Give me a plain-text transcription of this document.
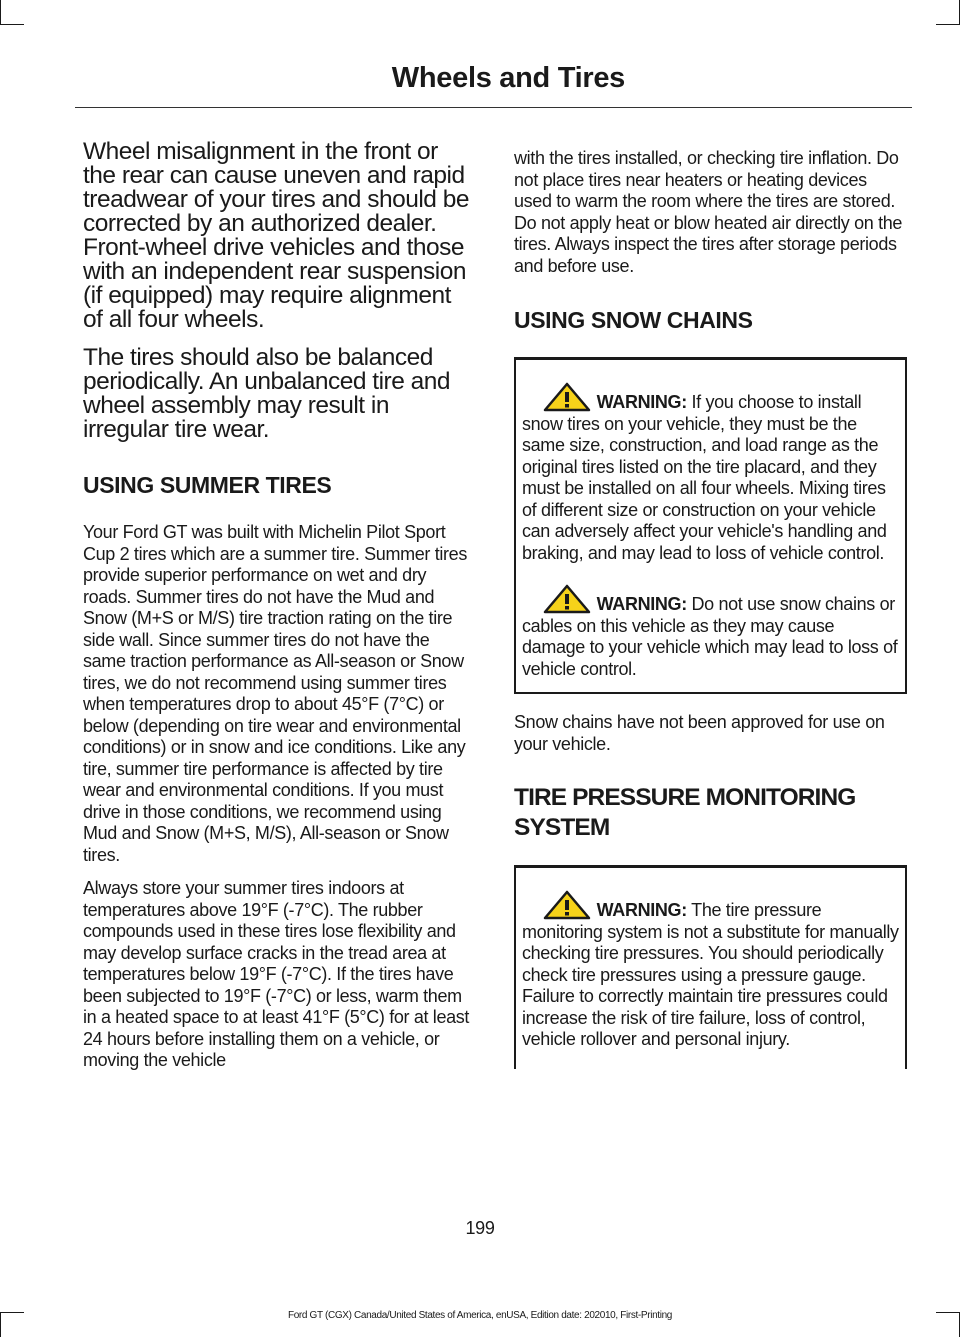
Wheels and Tires

Wheel misalignment in the front or the rear can cause uneven and rapid treadwear of your tires and should be corrected by an authorized dealer. Front-wheel drive vehicles and those with an independent rear suspension (if equipped) may require alignment of all four wheels.

The tires should also be balanced periodically. An unbalanced tire and wheel assembly may result in irregular tire wear.

USING SUMMER TIRES

Your Ford GT was built with Michelin Pilot Sport Cup 2 tires which are a summer tire. Summer tires provide superior performance on wet and dry roads. Summer tires do not have the Mud and Snow (M+S or M/S) tire traction rating on the tire side wall. Since summer tires do not have the same traction performance as All-season or Snow tires, we do not recommend using summer tires when temperatures drop to about 45°F (7°C) or below (depending on tire wear and environmental conditions) or in snow and ice conditions. Like any tire, summer tire performance is affected by tire wear and environmental conditions. If you must drive in those conditions, we recommend using Mud and Snow (M+S, M/S), All-season or Snow tires.

Always store your summer tires indoors at temperatures above 19°F (-7°C). The rubber compounds used in these tires lose flexibility and may develop surface cracks in the tread area at temperatures below 19°F (-7°C). If the tires have been subjected to 19°F (-7°C) or less, warm them in a heated space to at least 41°F (5°C) for at least 24 hours before installing them on a vehicle, or moving the vehicle

with the tires installed, or checking tire inflation. Do not place tires near heaters or heating devices used to warm the room where the tires are stored. Do not apply heat or blow heated air directly on the tires. Always inspect the tires after storage periods and before use.

USING SNOW CHAINS
WARNING: If you choose to install snow tires on your vehicle, they must be the same size, construction, and load range as the original tires listed on the tire placard, and they must be installed on all four wheels. Mixing tires of different size or construction on your vehicle can adversely affect your vehicle's handling and braking, and may lead to loss of vehicle control.
WARNING: Do not use snow chains or cables on this vehicle as they may cause damage to your vehicle which may lead to loss of vehicle control.

Snow chains have not been approved for use on your vehicle.

TIRE PRESSURE MONITORING
SYSTEM
WARNING: The tire pressure monitoring system is not a substitute for manually checking tire pressures. You should periodically check tire pressures using a pressure gauge. Failure to correctly maintain tire pressures could increase the risk of tire failure, loss of control, vehicle rollover and personal injury.

199

Ford GT (CGX) Canada/United States of America, enUSA, Edition date: 202010, First-Printing
